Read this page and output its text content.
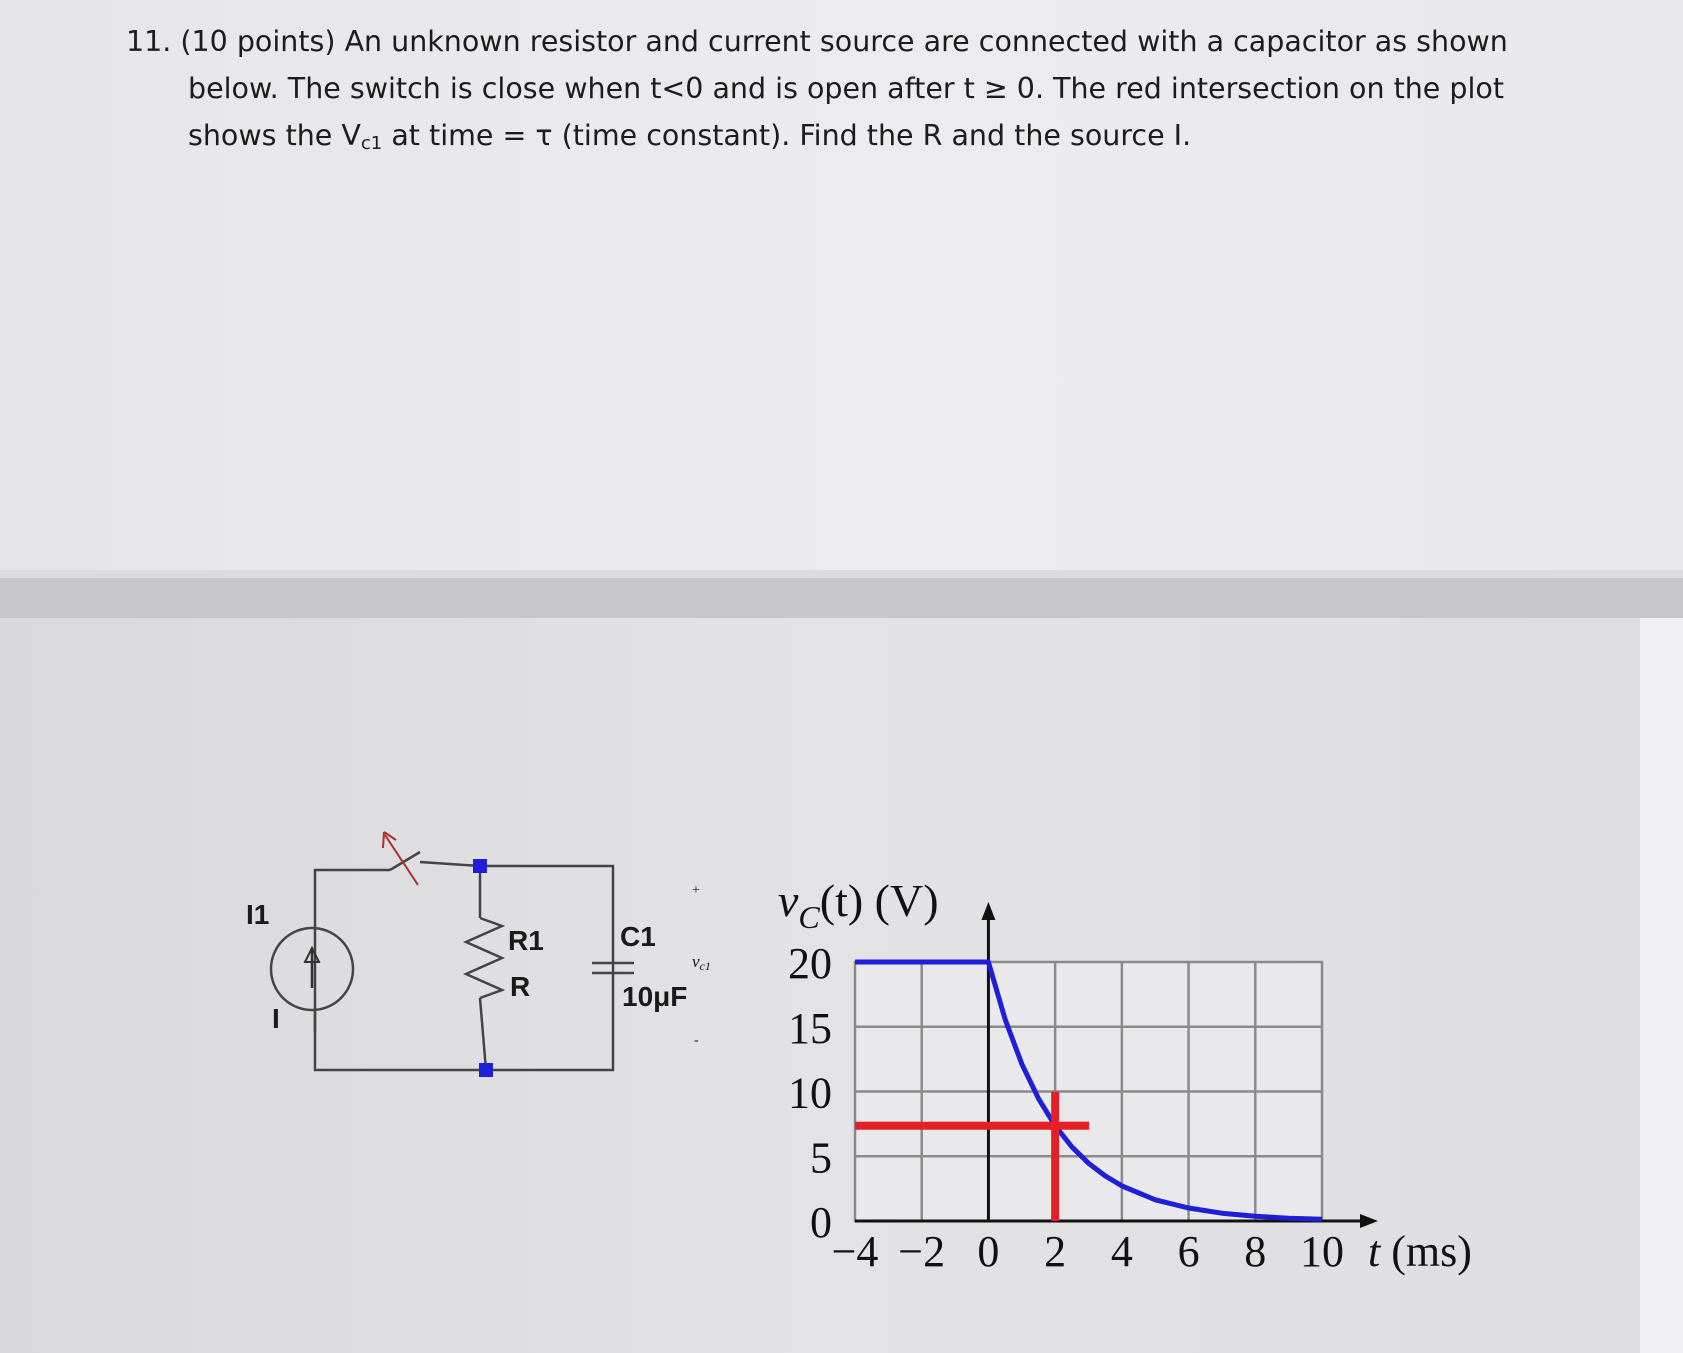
11. (10 points) An unknown resistor and current source are connected with a capacitor as shown
below. The switch is close when t<0 and is open after t ≥ 0. The red intersection on the plot
shows the $V_{c1}$ at time = τ (time constant). Find the R and the source I.
I1
I
R1
R
C1
10μF
vc1
+
-
−4 −2 0 2 4 6 8 10
0
5
10
15
20
$v_C(t)$ (V)
t (ms)
